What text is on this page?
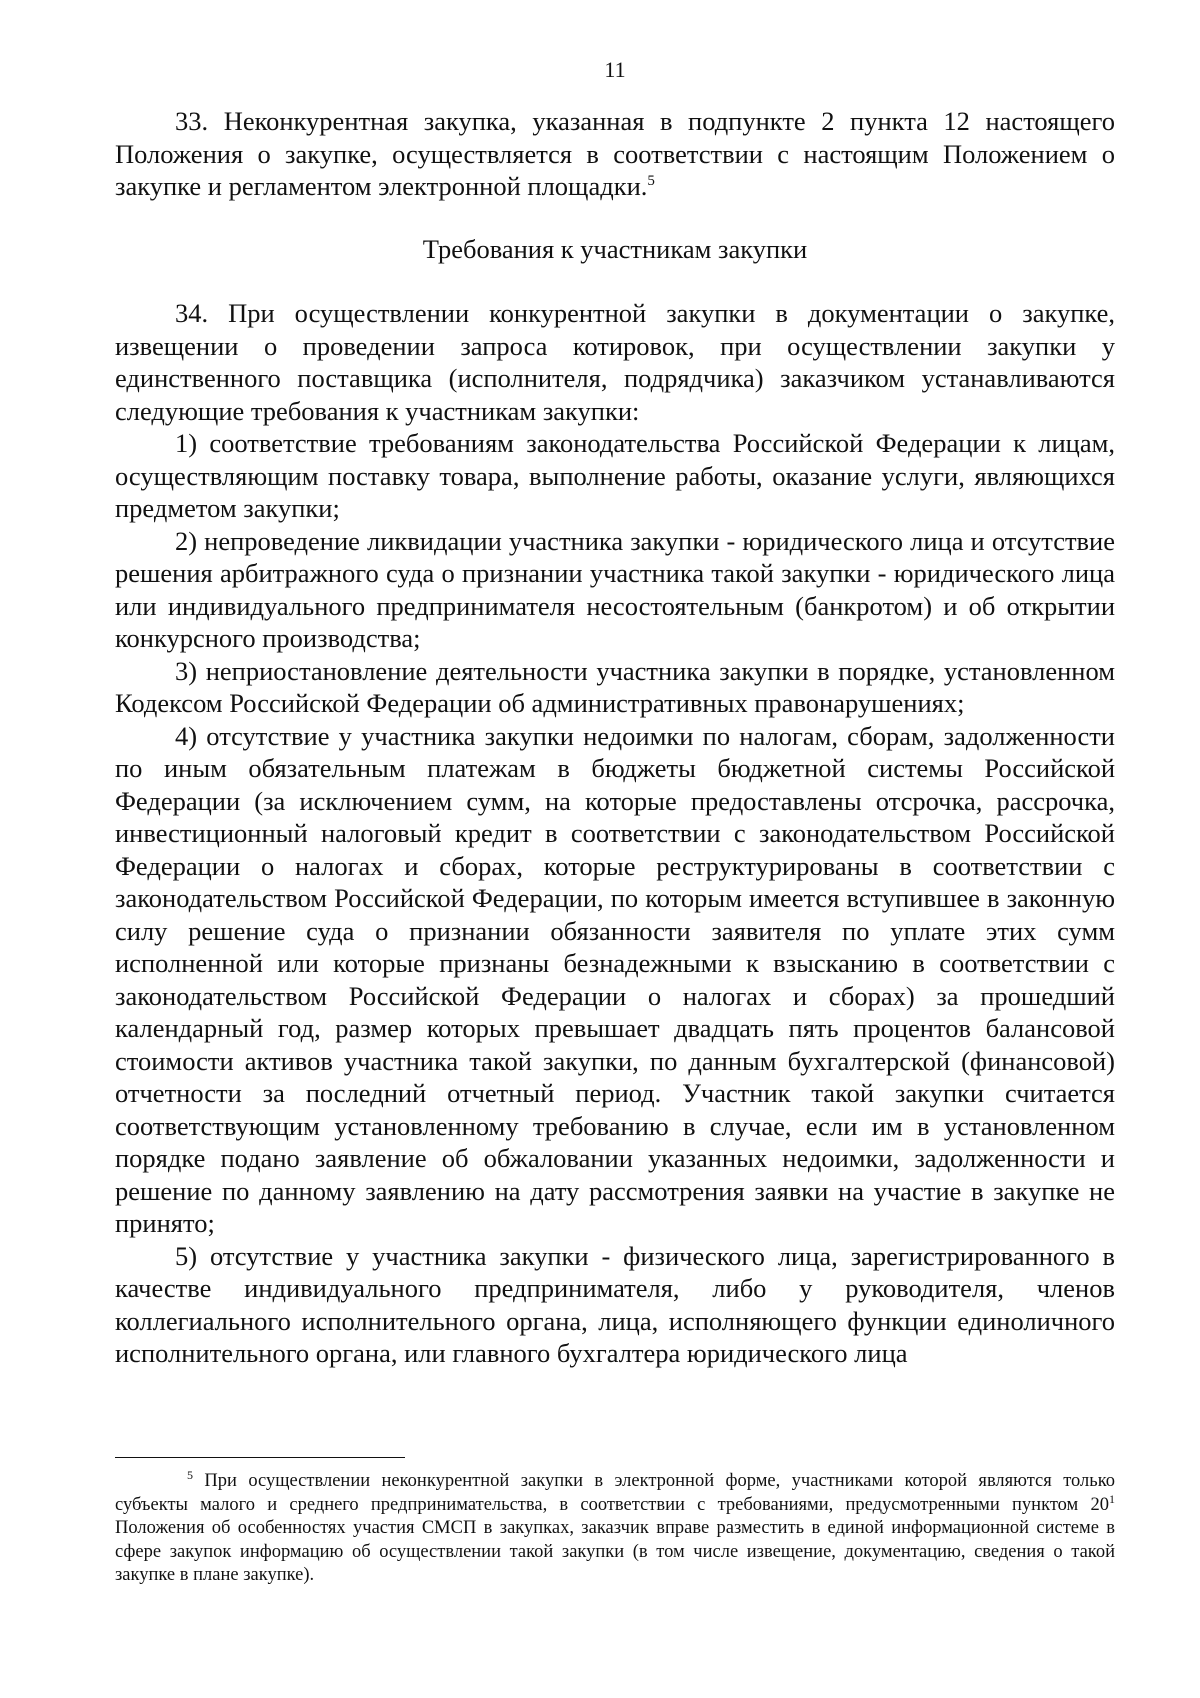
11

33. Неконкурентная закупка, указанная в подпункте 2 пункта 12 настоящего Положения о закупке, осуществляется в соответствии с настоящим Положением о закупке и регламентом электронной площадки.$^5$

Требования к участникам закупки

34. При осуществлении конкурентной закупки в документации о закупке, извещении о проведении запроса котировок, при осуществлении закупки у единственного поставщика (исполнителя, подрядчика) заказчиком устанавливаются следующие требования к участникам закупки:

1) соответствие требованиям законодательства Российской Федерации к лицам, осуществляющим поставку товара, выполнение работы, оказание услуги, являющихся предметом закупки;

2) непроведение ликвидации участника закупки - юридического лица и отсутствие решения арбитражного суда о признании участника такой закупки - юридического лица или индивидуального предпринимателя несостоятельным (банкротом) и об открытии конкурсного производства;

3) неприостановление деятельности участника закупки в порядке, установленном Кодексом Российской Федерации об административных правонарушениях;

4) отсутствие у участника закупки недоимки по налогам, сборам, задолженности по иным обязательным платежам в бюджеты бюджетной системы Российской Федерации (за исключением сумм, на которые предоставлены отсрочка, рассрочка, инвестиционный налоговый кредит в соответствии с законодательством Российской Федерации о налогах и сборах, которые реструктурированы в соответствии с законодательством Российской Федерации, по которым имеется вступившее в законную силу решение суда о признании обязанности заявителя по уплате этих сумм исполненной или которые признаны безнадежными к взысканию в соответствии с законодательством Российской Федерации о налогах и сборах) за прошедший календарный год, размер которых превышает двадцать пять процентов балансовой стоимости активов участника такой закупки, по данным бухгалтерской (финансовой) отчетности за последний отчетный период. Участник такой закупки считается соответствующим установленному требованию в случае, если им в установленном порядке подано заявление об обжаловании указанных недоимки, задолженности и решение по данному заявлению на дату рассмотрения заявки на участие в закупке не принято;

5) отсутствие у участника закупки - физического лица, зарегистрированного в качестве индивидуального предпринимателя, либо у руководителя, членов коллегиального исполнительного органа, лица, исполняющего функции единоличного исполнительного органа, или главного бухгалтера юридического лица

$^5$ При осуществлении неконкурентной закупки в электронной форме, участниками которой являются только субъекты малого и среднего предпринимательства, в соответствии с требованиями, предусмотренными пунктом $20^1$ Положения об особенностях участия СМСП в закупках, заказчик вправе разместить в единой информационной системе в сфере закупок информацию об осуществлении такой закупки (в том числе извещение, документацию, сведения о такой закупке в плане закупке).
